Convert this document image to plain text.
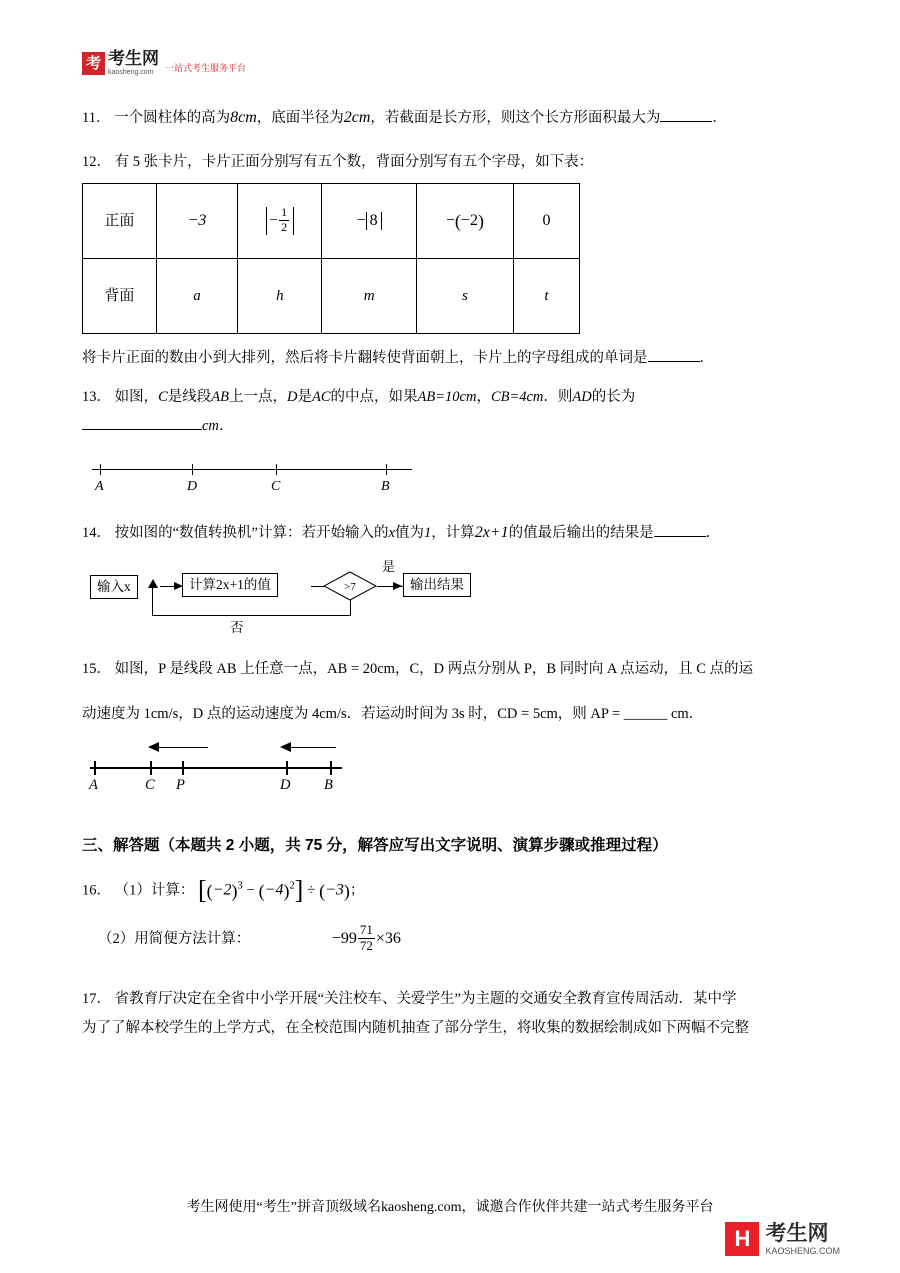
考 考生网
kaosheng.com	一站式考生服务平台

11． 一个圆柱体的高为8cm，底面半径为2cm，若截面是长方形，则这个长方形面积最大为	．

12． 有 5 张卡片，卡片正面分别写有五个数，背面分别写有五个字母，如下表：

正面	−3	− $\frac{1}{2}$	− 8	−(−2)	0
背面	a	h	m	s	t

将卡片正面的数由小到大排列，然后将卡片翻转使背面朝上，卡片上的字母组成的单词是	．

13． 如图，C是线段AB上一点，D是AC的中点，如果AB=10cm，CB=4cm．则AD的长为

cm．

A	D	C	B

14． 按如图的“数值转换机”计算：若开始输入的x值为1，计算2x+1的值最后输出的结果是	．

输入x	计算2x+1的值	>7	输出结果
是
否

15． 如图，P 是线段 AB 上任意一点，AB = 20cm，C，D 两点分别从 P，B 同时向 A 点运动，且 C 点的运

动速度为 1cm/s，D 点的运动速度为 4cm/s．若运动时间为 3s 时，CD = 5cm，则 AP = ______ cm．

A	C P	D B
三、解答题（本题共 2 小题，共 75 分，解答应写出文字说明、演算步骤或推理过程）

16． （1）计算： $[(-2)^3 - (-4)^2] \div (-3)$；

（2）用简便方法计算：	$-99 \frac{71}{72} \times 36$

17． 省教育厅决定在全省中小学开展“关注校车、关爱学生”为主题的交通安全教育宣传周活动．某中学

为了了解本校学生的上学方式，在全校范围内随机抽查了部分学生，将收集的数据绘制成如下两幅不完整

考生网使用“考生”拼音顶级域名kaosheng.com，诚邀合作伙伴共建一站式考生服务平台
H 考生网
KAOSHENG.COM
